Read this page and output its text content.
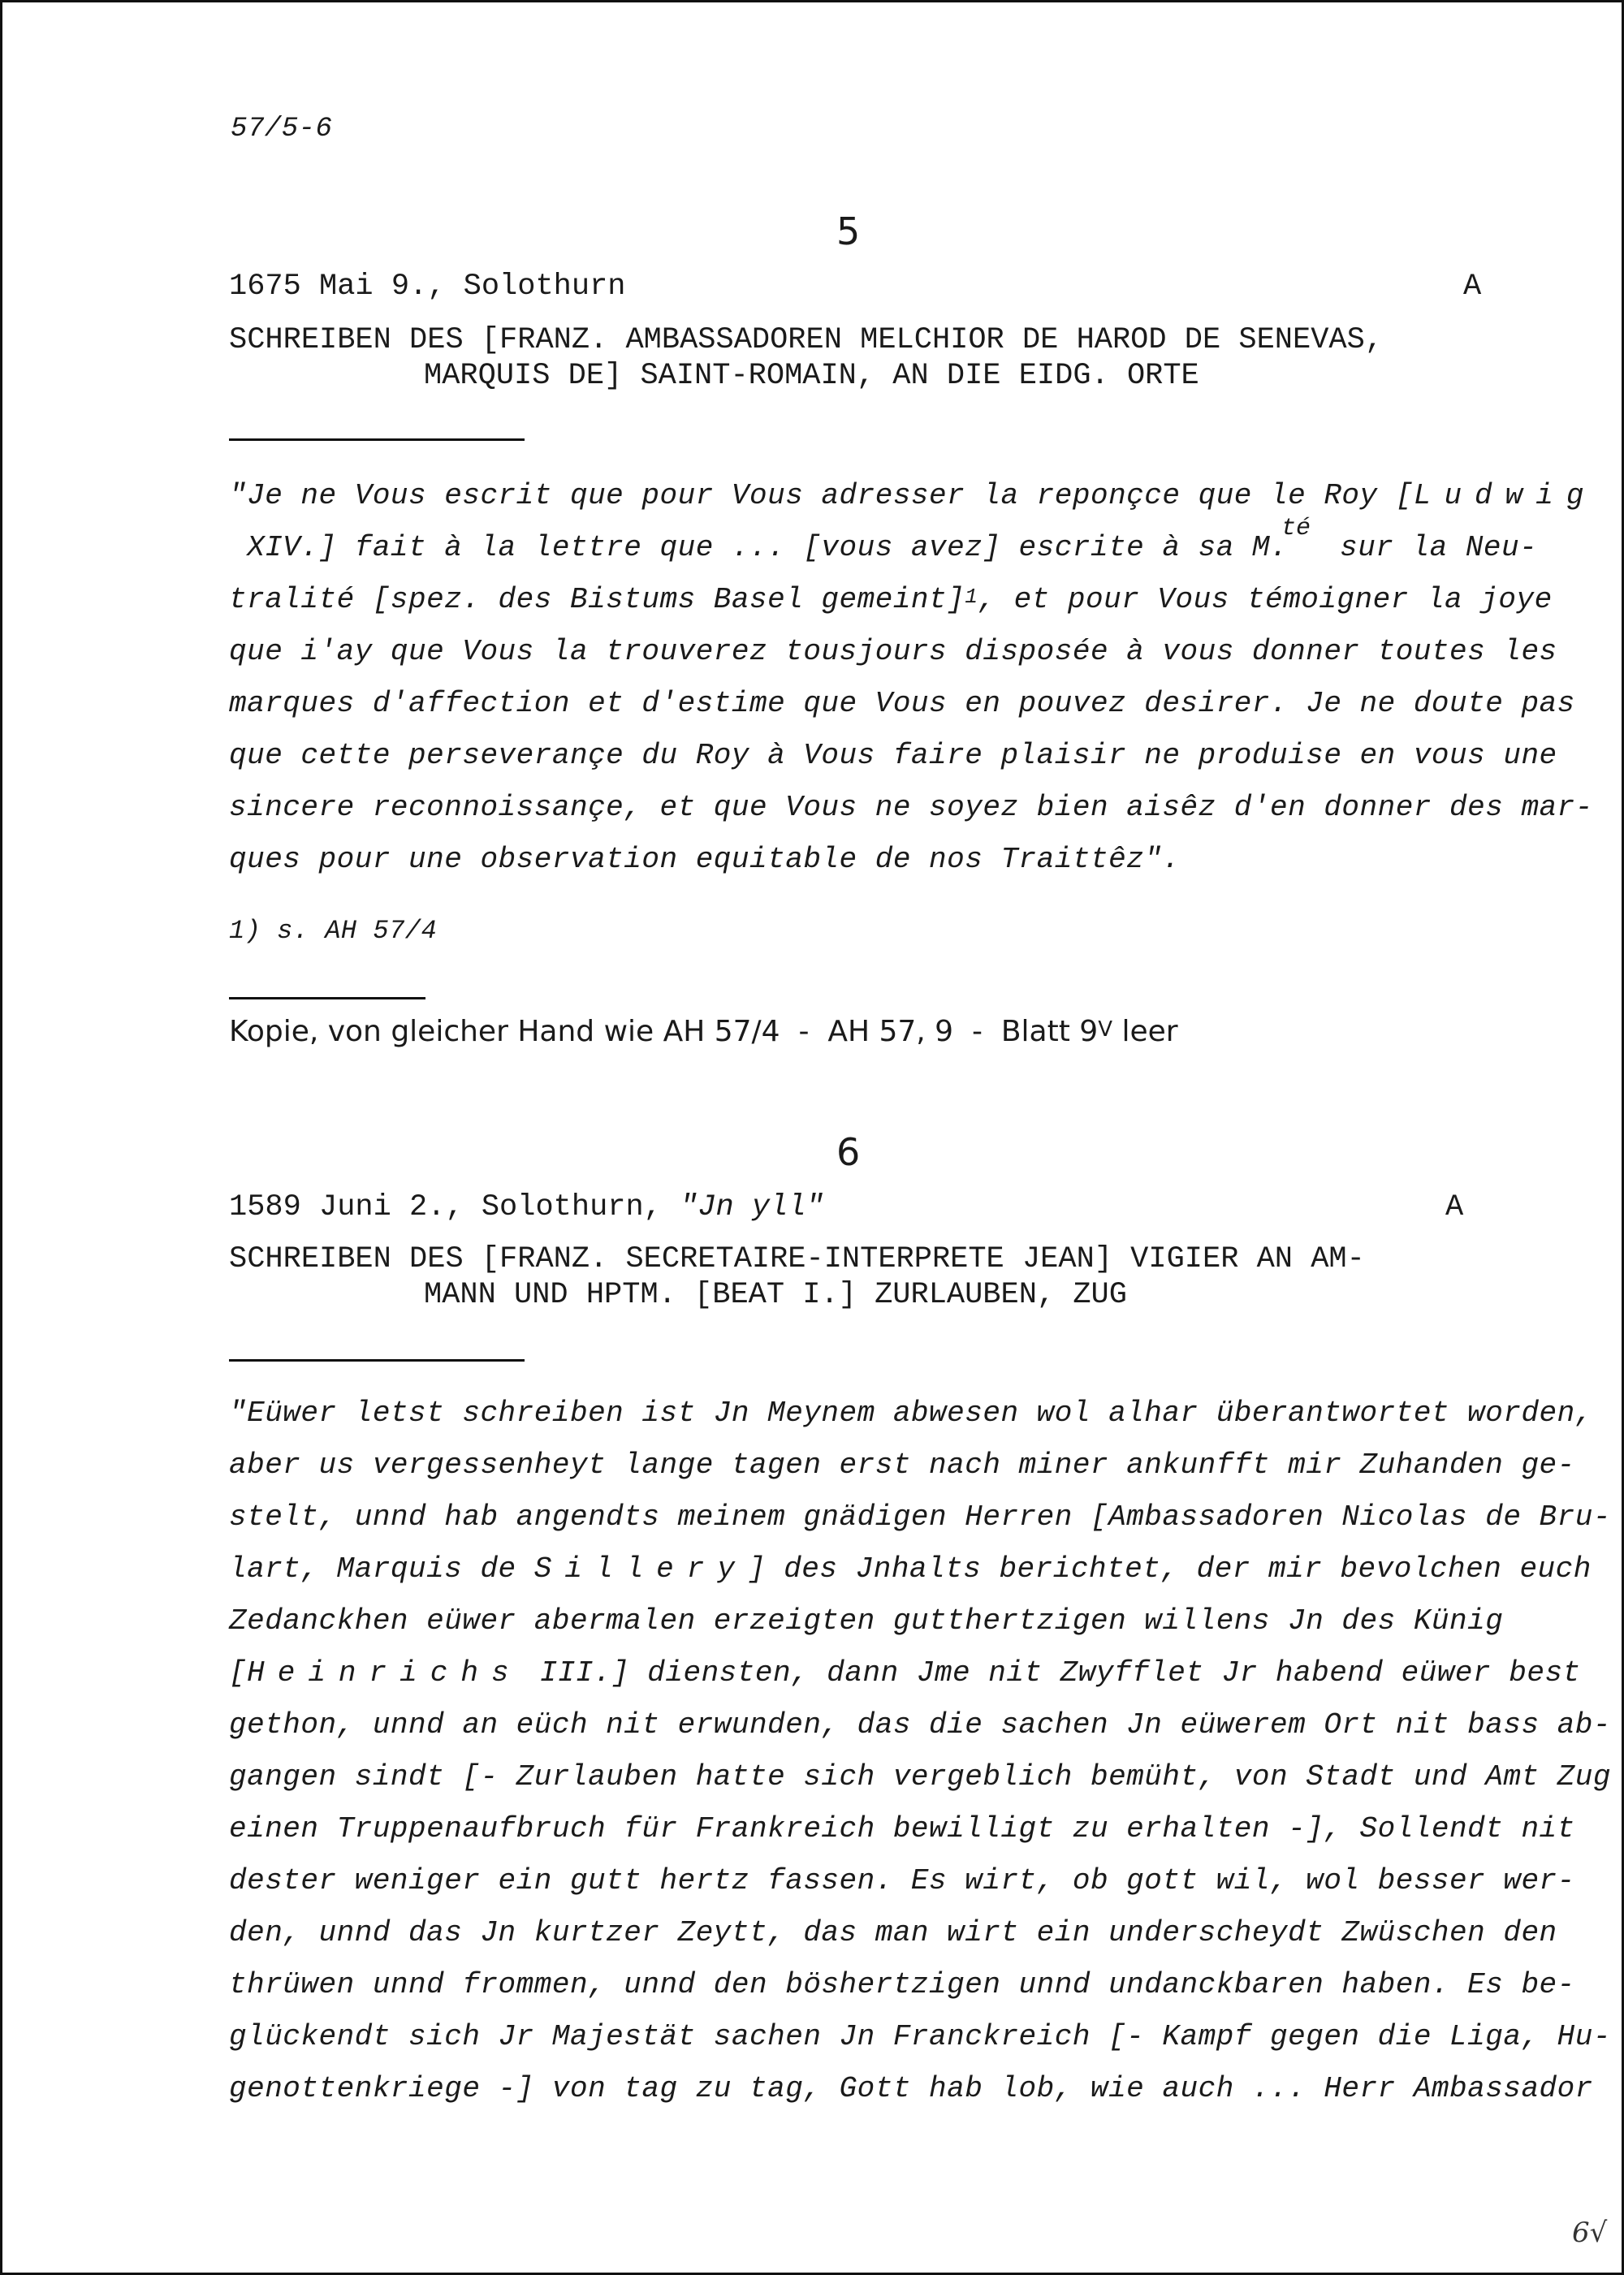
57/5-6
5
1675 Mai 9., Solothurn	A
SCHREIBEN DES [FRANZ. AMBASSADOREN MELCHIOR DE HAROD DE SENEVAS,
MARQUIS DE] SAINT-ROMAIN, AN DIE EIDG. ORTE
"Je ne Vous escrit que pour Vous adresser la reponçce que le Roy [Ludwig
XIV.] fait à la lettre que ... [vous avez] escrite à sa M.
té
sur la Neu-
tralité [spez. des Bistums Basel gemeint]$^1$, et pour Vous témoigner la joye
que i'ay que Vous la trouverez tousjours disposée à vous donner toutes les
marques d'affection et d'estime que Vous en pouvez desirer. Je ne doute pas
que cette perseverançe du Roy à Vous faire plaisir ne produise en vous une
sincere reconnoissançe, et que Vous ne soyez bien aisêz d'en donner des mar-
ques pour une observation equitable de nos Traittêz".
1) s. AH 57/4
Kopie, von gleicher Hand wie AH 57/4  -  AH 57, 9  -  Blatt $9^V$ leer
6
1589 Juni 2., Solothurn, "Jn yll"	A
SCHREIBEN DES [FRANZ. SECRETAIRE-INTERPRETE JEAN] VIGIER AN AM-
MANN UND HPTM. [BEAT I.] ZURLAUBEN, ZUG
"Eüwer letst schreiben ist Jn Meynem abwesen wol alhar überantwortet worden,
aber us vergessenheyt lange tagen erst nach miner ankunfft mir Zuhanden ge-
stelt, unnd hab angendts meinem gnädigen Herren [Ambassadoren Nicolas de Bru-
lart, Marquis de Sillery] des Jnhalts berichtet, der mir bevolchen euch
Zedanckhen eüwer abermalen erzeigten gutthertzigen willens Jn des Künig
[Heinrichs III.] diensten, dann Jme nit Zwyfflet Jr habend eüwer best
gethon, unnd an eüch nit erwunden, das die sachen Jn eüwerem Ort nit bass ab-
gangen sindt [- Zurlauben hatte sich vergeblich bemüht, von Stadt und Amt Zug
einen Truppenaufbruch für Frankreich bewilligt zu erhalten -], Sollendt nit
dester weniger ein gutt hertz fassen. Es wirt, ob gott wil, wol besser wer-
den, unnd das Jn kurtzer Zeytt, das man wirt ein underscheydt Zwüschen den
thrüwen unnd frommen, unnd den böshertzigen unnd undanckbaren haben. Es be-
glückendt sich Jr Majestät sachen Jn Franckreich [- Kampf gegen die Liga, Hu-
genottenkriege -] von tag zu tag, Gott hab lob, wie auch ... Herr Ambassador
6√
